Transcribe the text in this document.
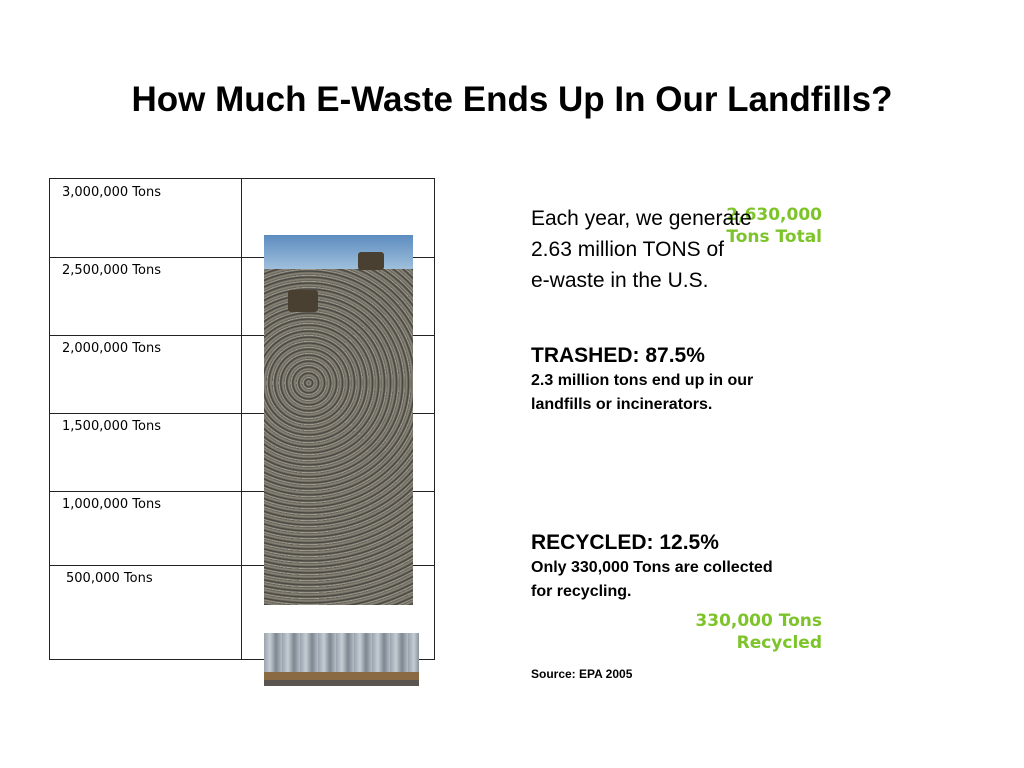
How Much E-Waste Ends Up In Our Landfills?
3,000,000 Tons
2,500,000 Tons
2,000,000 Tons
1,500,000 Tons
1,000,000 Tons
500,000 Tons
2,630,000
Tons Total
330,000 Tons
Recycled
Each year, we generate
2.63 million TONS of
e-waste in the U.S.
TRASHED: 87.5%
2.3 million tons end up in our
landfills or incinerators.
RECYCLED: 12.5%
Only 330,000 Tons are collected
for recycling.
Source: EPA 2005
